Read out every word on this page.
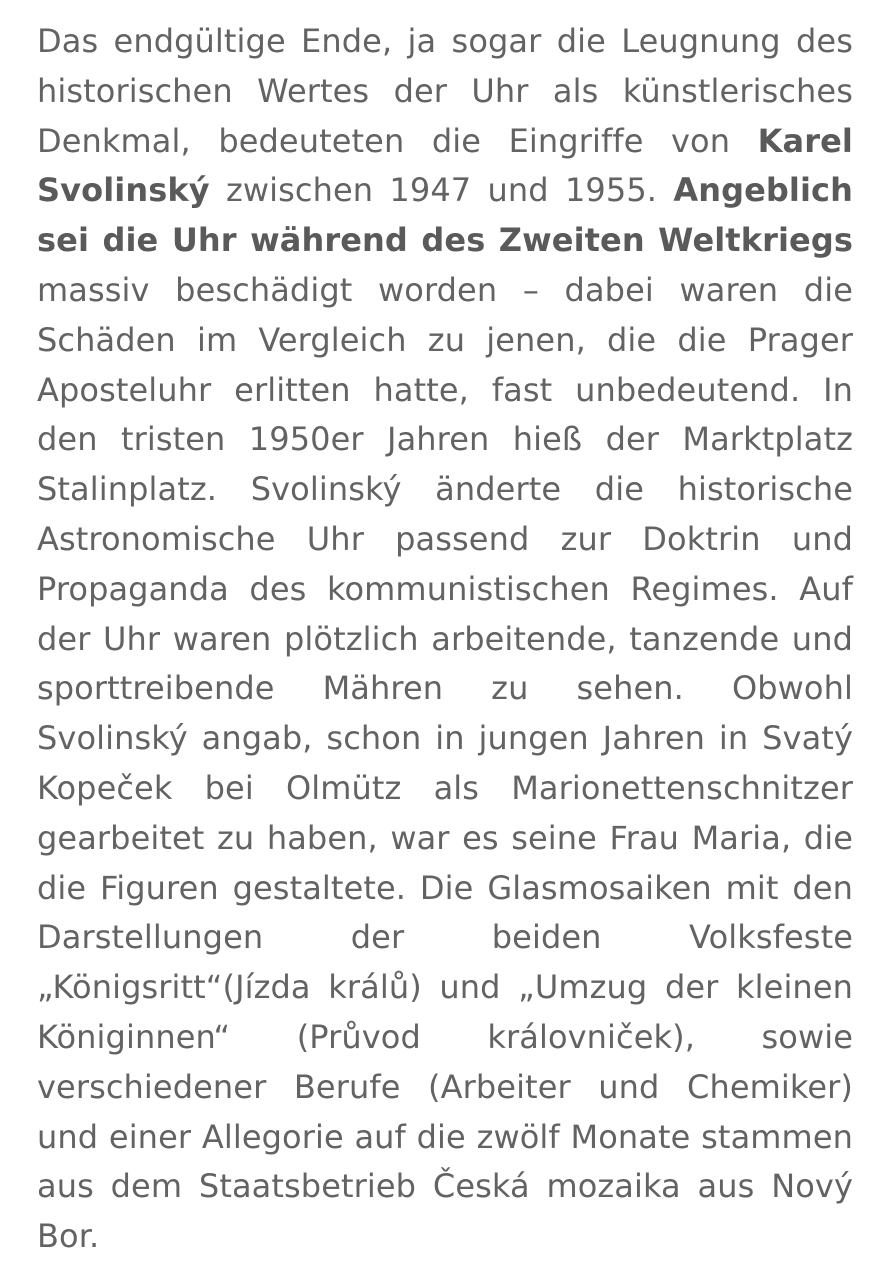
Das endgültige Ende, ja sogar die Leugnung des historischen Wertes der Uhr als künstlerisches Denkmal, bedeuteten die Eingriffe von Karel Svolinský zwischen 1947 und 1955. Angeblich sei die Uhr während des Zweiten Weltkriegs massiv beschädigt worden – dabei waren die Schäden im Vergleich zu jenen, die die Prager Aposteluhr erlitten hatte, fast unbedeutend. In den tristen 1950er Jahren hieß der Marktplatz Stalinplatz. Svolinský änderte die historische Astronomische Uhr passend zur Doktrin und Propaganda des kommunistischen Regimes. Auf der Uhr waren plötzlich arbeitende, tanzende und sporttreibende Mähren zu sehen. Obwohl Svolinský angab, schon in jungen Jahren in Svatý Kopeček bei Olmütz als Marionettenschnitzer gearbeitet zu haben, war es seine Frau Maria, die die Figuren gestaltete. Die Glasmosaiken mit den Darstellungen der beiden Volksfeste „Königsritt“(Jízda králů) und „Umzug der kleinen Königinnen“ (Průvod královniček), sowie verschiedener Berufe (Arbeiter und Chemiker) und einer Allegorie auf die zwölf Monate stammen aus dem Staatsbetrieb Česká mozaika aus Nový Bor.
